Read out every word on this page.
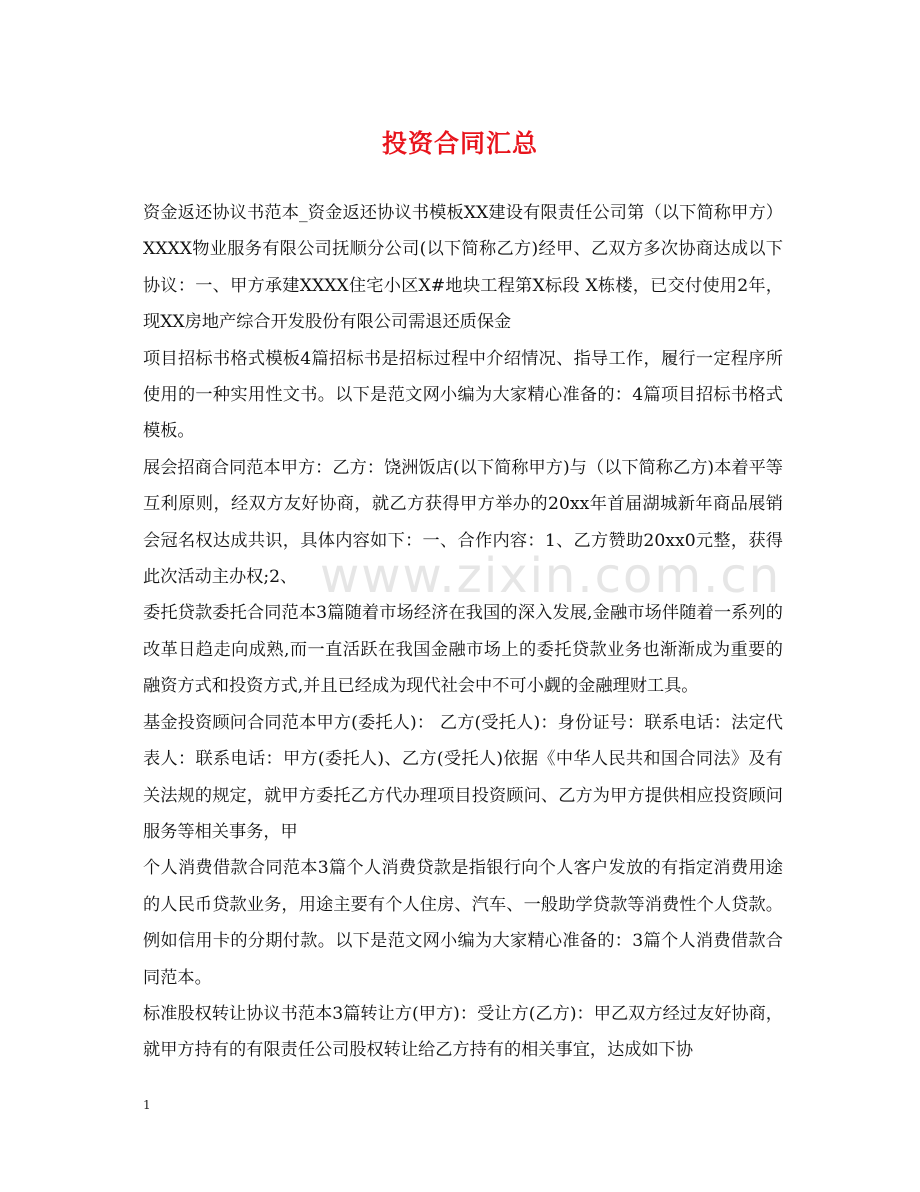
投资合同汇总
www.zixin.com.cn

资金返还协议书范本_资金返还协议书模板XX建设有限责任公司第（以下简称甲方）XXXX物业服务有限公司抚顺分公司(以下简称乙方)经甲、乙双方多次协商达成以下协议：一、甲方承建XXXX住宅小区X#地块工程第X标段 X栋楼，已交付使用2年，现XX房地产综合开发股份有限公司需退还质保金

项目招标书格式模板4篇招标书是招标过程中介绍情况、指导工作，履行一定程序所使用的一种实用性文书。以下是范文网小编为大家精心准备的：4篇项目招标书格式模板。

展会招商合同范本甲方：乙方：饶洲饭店(以下简称甲方)与（以下简称乙方)本着平等互利原则，经双方友好协商，就乙方获得甲方举办的20xx年首届湖城新年商品展销会冠名权达成共识，具体内容如下：一、合作内容：1、乙方赞助20xx0元整，获得此次活动主办权;2、

委托贷款委托合同范本3篇随着市场经济在我国的深入发展,金融市场伴随着一系列的改革日趋走向成熟,而一直活跃在我国金融市场上的委托贷款业务也渐渐成为重要的融资方式和投资方式,并且已经成为现代社会中不可小觑的金融理财工具。

基金投资顾问合同范本甲方(委托人)： 乙方(受托人)：身份证号：联系电话：法定代表人：联系电话：甲方(委托人)、乙方(受托人)依据《中华人民共和国合同法》及有关法规的规定，就甲方委托乙方代办理项目投资顾问、乙方为甲方提供相应投资顾问服务等相关事务，甲

个人消费借款合同范本3篇个人消费贷款是指银行向个人客户发放的有指定消费用途的人民币贷款业务，用途主要有个人住房、汽车、一般助学贷款等消费性个人贷款。例如信用卡的分期付款。以下是范文网小编为大家精心准备的：3篇个人消费借款合同范本。

标准股权转让协议书范本3篇转让方(甲方)：受让方(乙方)：甲乙双方经过友好协商，就甲方持有的有限责任公司股权转让给乙方持有的相关事宜，达成如下协

1
